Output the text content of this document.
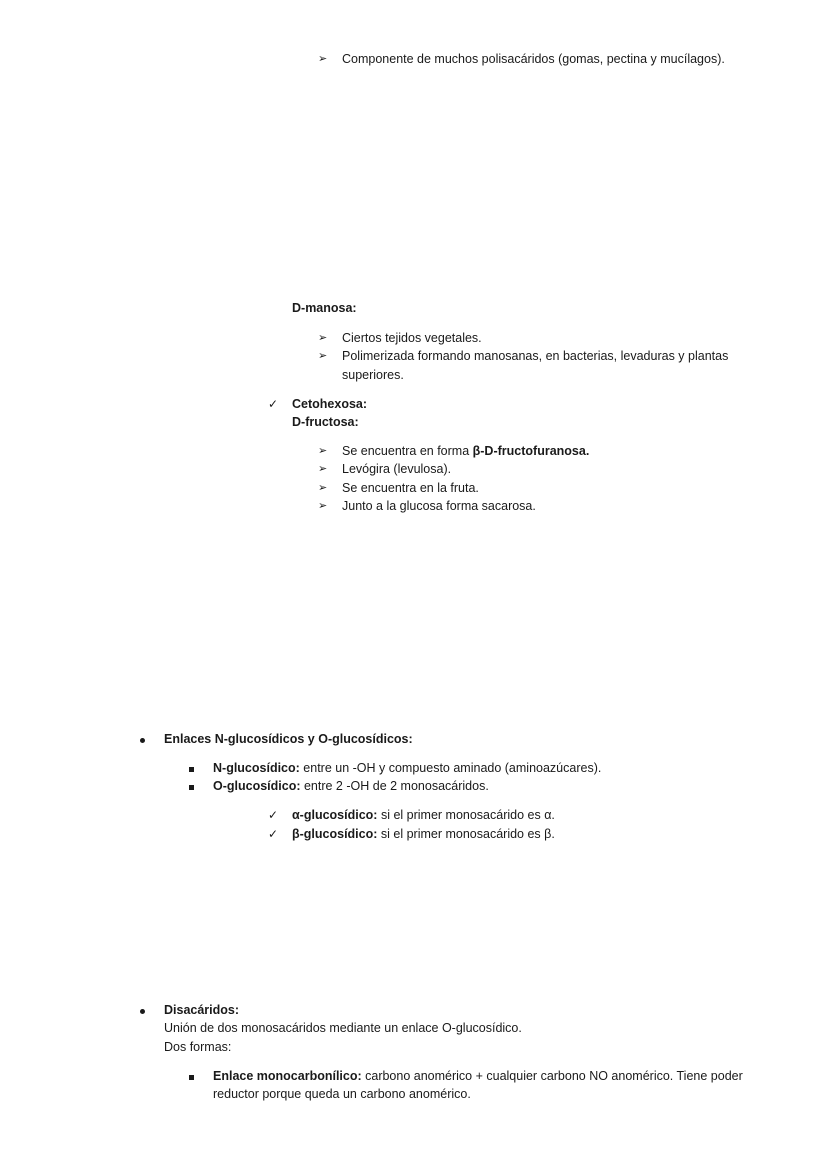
➢ Componente de muchos polisacáridos (gomas, pectina y mucílagos).
D-manosa:
➢ Ciertos tejidos vegetales.
➢ Polimerizada formando manosanas, en bacterias, levaduras y plantas
superiores.
✓ Cetohexosa:
D-fructosa:
➢ Se encuentra en forma β-D-fructofuranosa.
➢ Levógira (levulosa).
➢ Se encuentra en la fruta.
➢ Junto a la glucosa forma sacarosa.
Enlaces N-glucosídicos y O-glucosídicos:
N-glucosídico: entre un -OH y compuesto aminado (aminoazúcares).
O-glucosídico: entre 2 -OH de 2 monosacáridos.
✓ α-glucosídico: si el primer monosacárido es α.
✓ β-glucosídico: si el primer monosacárido es β.
Disacáridos:
Unión de dos monosacáridos mediante un enlace O-glucosídico.
Dos formas:
Enlace monocarbonílico: carbono anomérico + cualquier carbono NO anomérico. Tiene poder
reductor porque queda un carbono anomérico.
